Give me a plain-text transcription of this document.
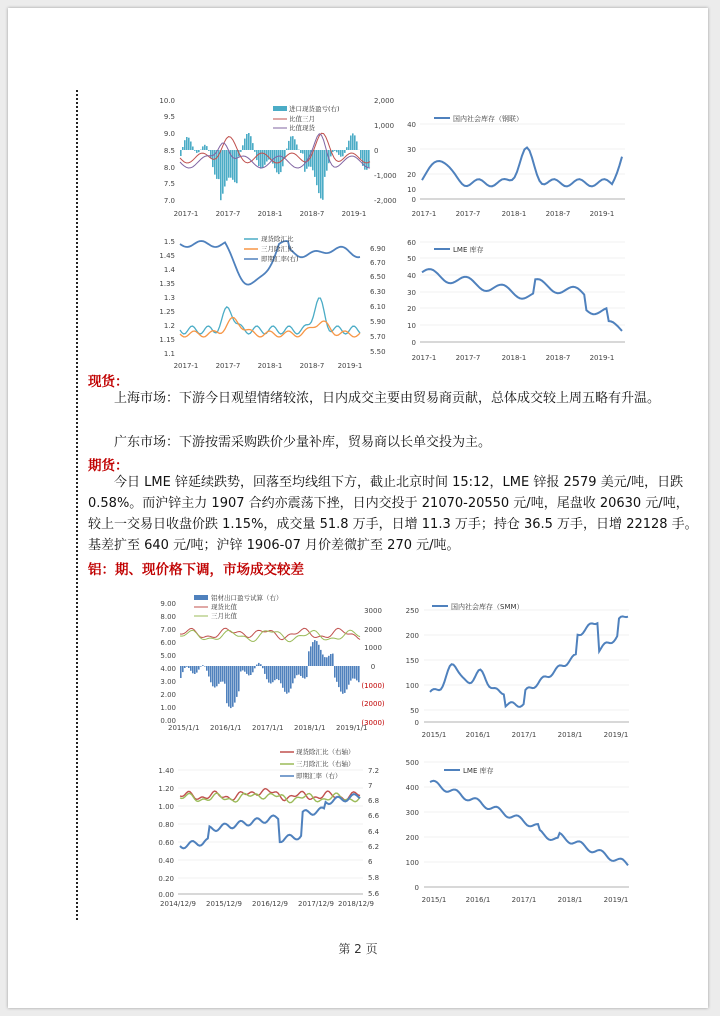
10.0
9.5
9.0
8.5
8.0
7.5
7.0
2,000
1,000
0
-1,000
-2,000
2017-1 2017-7 2018-1 2018-7 2019-1
进口现货盈亏(右)
比值三月
比值现货	40
30
20
10
0
2017-1	2017-7	2018-1	2018-7	2019-1
国内社会库存（钢联）
1.5
1.45
1.4
1.35
1.3
1.25
1.2
1.15
1.1
6.90
6.70
6.50
6.30
6.10
5.90
5.70
5.50
2017-1 2017-7 2018-1 2018-7 2019-1
现货除汇比
三月除汇比
即期汇率(右)
60
50
40
30
20
10
0
2017-1	2017-7	2018-1	2018-7	2019-1
LME 库存
现货：
上海市场：下游今日观望情绪较浓，日内成交主要由贸易商贡献，总体成交较上周五略有升温。
广东市场：下游按需采购跌价少量补库，贸易商以长单交投为主。
期货：
今日 LME 锌延续跌势，回落至均线组下方，截止北京时间 15:12，LME 锌报 2579 美元/吨，日跌 0.58%。而沪锌主力 1907 合约亦震荡下挫，日内交投于 21070-20550 元/吨，尾盘收 20630 元/吨，较上一交易日收盘价跌 1.15%，成交量 51.8 万手，日增 11.3 万手；持仓 36.5 万手，日增 22128 手。基差扩至 640 元/吨；沪锌 1906-07 月价差微扩至 270 元/吨。
铝：期、现价格下调，市场成交较差
9.00
8.00
7.00
6.00
5.00
4.00
3.00
2.00
1.00
0.00
3000
2000
1000
0
(1000)
(2000)
(3000)
铝材出口盈亏试算（右）
现货比值
三月比值
2015/1/1 2016/1/1 2017/1/1 2018/1/1 2019/1/1
250
200
150
100
50
0
2015/1	2016/1	2017/1	2018/1	2019/1
国内社会库存（SMM）
1.40
1.20
1.00
0.80
0.60
0.40
0.20
0.00
7.2
7
6.8
6.6
6.4
6.2
6
5.8
5.6
2014/12/9 2015/12/9 2016/12/9 2017/12/9 2018/12/9
现货除汇比（右轴）
三月除汇比（右轴）
即期汇率（右）
500
400
300
200
100
0
2015/1	2016/1	2017/1	2018/1	2019/1
LME 库存
第 2 页
